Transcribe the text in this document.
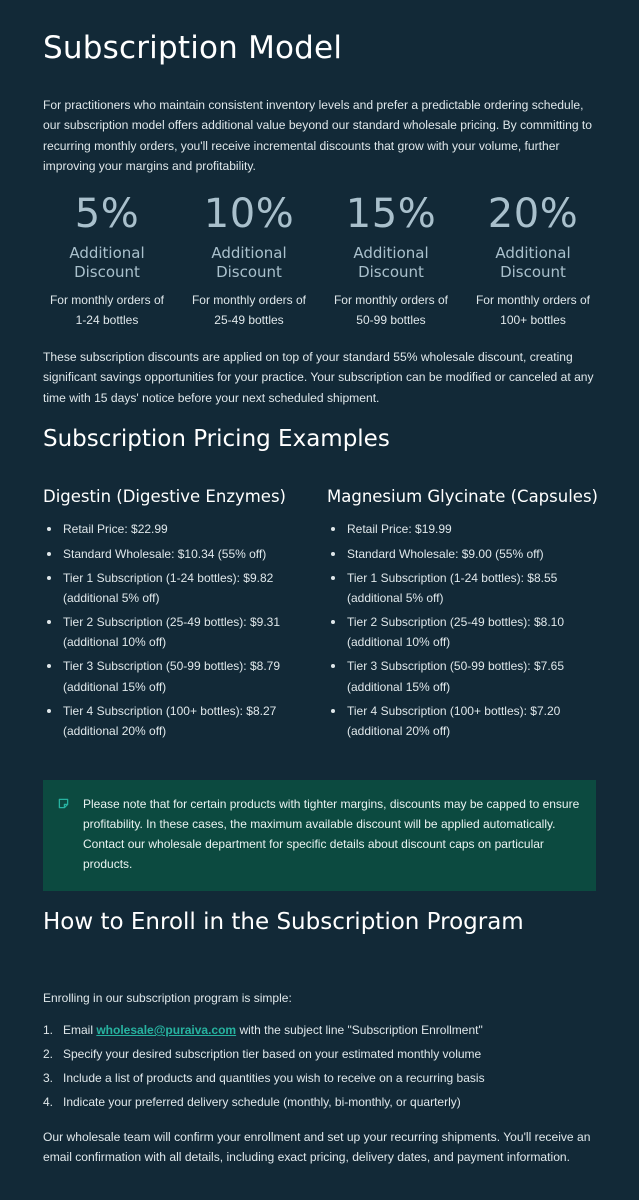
Subscription Model

For practitioners who maintain consistent inventory levels and prefer a predictable ordering schedule, our subscription model offers additional value beyond our standard wholesale pricing. By committing to recurring monthly orders, you'll receive incremental discounts that grow with your volume, further improving your margins and profitability.

5%
Additional
Discount
For monthly orders of 1-24 bottles
10%
Additional
Discount
For monthly orders of 25-49 bottles
15%
Additional
Discount
For monthly orders of 50-99 bottles
20%
Additional
Discount
For monthly orders of 100+ bottles

These subscription discounts are applied on top of your standard 55% wholesale discount, creating significant savings opportunities for your practice. Your subscription can be modified or canceled at any time with 15 days' notice before your next scheduled shipment.

Subscription Pricing Examples
Digestin (Digestive Enzymes)
Retail Price: $22.99
Standard Wholesale: $10.34 (55% off)
Tier 1 Subscription (1-24 bottles): $9.82 (additional 5% off)
Tier 2 Subscription (25-49 bottles): $9.31 (additional 10% off)
Tier 3 Subscription (50-99 bottles): $8.79 (additional 15% off)
Tier 4 Subscription (100+ bottles): $8.27 (additional 20% off)
Magnesium Glycinate (Capsules)
Retail Price: $19.99
Standard Wholesale: $9.00 (55% off)
Tier 1 Subscription (1-24 bottles): $8.55 (additional 5% off)
Tier 2 Subscription (25-49 bottles): $8.10 (additional 10% off)
Tier 3 Subscription (50-99 bottles): $7.65 (additional 15% off)
Tier 4 Subscription (100+ bottles): $7.20 (additional 20% off)
Please note that for certain products with tighter margins, discounts may be capped to ensure profitability. In these cases, the maximum available discount will be applied automatically. Contact our wholesale department for specific details about discount caps on particular products.
How to Enroll in the Subscription Program

Enrolling in our subscription program is simple:

1. Email wholesale@puraiva.com with the subject line "Subscription Enrollment"
2. Specify your desired subscription tier based on your estimated monthly volume
3. Include a list of products and quantities you wish to receive on a recurring basis
4. Indicate your preferred delivery schedule (monthly, bi-monthly, or quarterly)

Our wholesale team will confirm your enrollment and set up your recurring shipments. You'll receive an email confirmation with all details, including exact pricing, delivery dates, and payment information.
